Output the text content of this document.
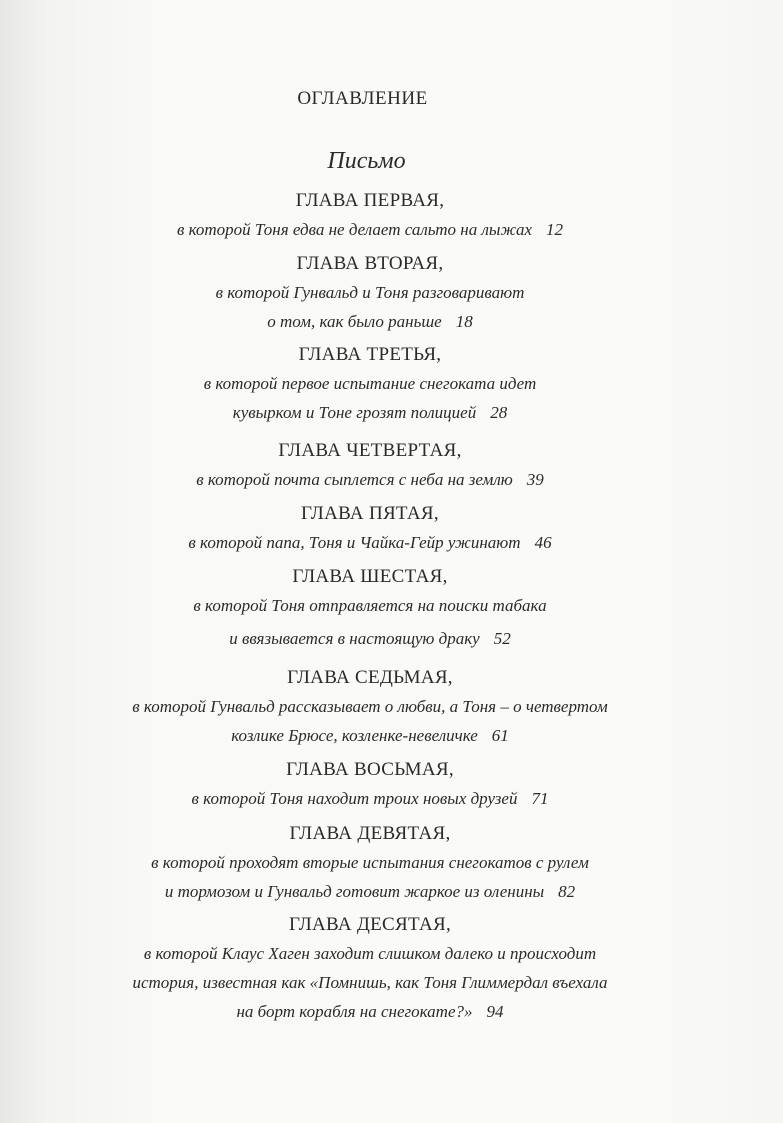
ОГЛАВЛЕНИЕ
Письмо
ГЛАВА ПЕРВАЯ,
в которой Тоня едва не делает сальто на лыжах 12
ГЛАВА ВТОРАЯ,
в которой Гунвальд и Тоня разговаривают
о том, как было раньше 18
ГЛАВА ТРЕТЬЯ,
в которой первое испытание снегоката идет
кувырком и Тоне грозят полицией 28
ГЛАВА ЧЕТВЕРТАЯ,
в которой почта сыплется с неба на землю 39
ГЛАВА ПЯТАЯ,
в которой папа, Тоня и Чайка-Гейр ужинают 46
ГЛАВА ШЕСТАЯ,
в которой Тоня отправляется на поиски табака
и ввязывается в настоящую драку 52
ГЛАВА СЕДЬМАЯ,
в которой Гунвальд рассказывает о любви, а Тоня – о четвертом
козлике Брюсе, козленке-невеличке 61
ГЛАВА ВОСЬМАЯ,
в которой Тоня находит троих новых друзей 71
ГЛАВА ДЕВЯТАЯ,
в которой проходят вторые испытания снегокатов с рулем
и тормозом и Гунвальд готовит жаркое из оленины 82
ГЛАВА ДЕСЯТАЯ,
в которой Клаус Хаген заходит слишком далеко и происходит
история, известная как «Помнишь, как Тоня Глиммердал въехала
на борт корабля на снегокате?» 94
